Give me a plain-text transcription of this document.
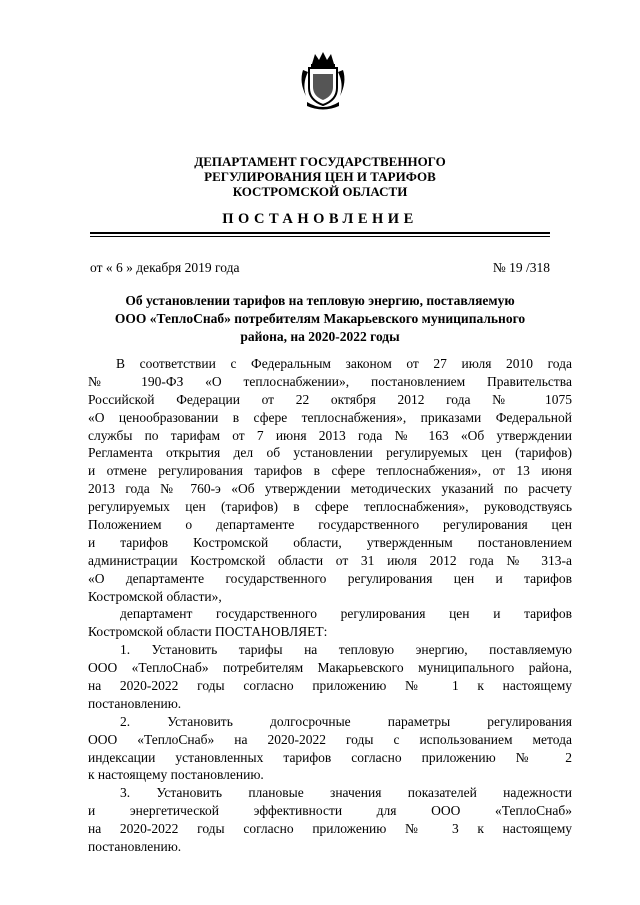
ДЕПАРТАМЕНТ ГОСУДАРСТВЕННОГО
РЕГУЛИРОВАНИЯ ЦЕН И ТАРИФОВ
КОСТРОМСКОЙ ОБЛАСТИ
ПОСТАНОВЛЕНИЕ
от « 6 » декабря 2019 года	№ 19 /318
Об установлении тарифов на тепловую энергию, поставляемую
ООО «ТеплоСнаб» потребителям Макарьевского муниципального
района, на 2020-2022 годы
В соответствии с Федеральным законом от 27 июля 2010 года
№ 190-ФЗ «О теплоснабжении», постановлением Правительства
Российской Федерации от 22 октября 2012 года № 1075
«О ценообразовании в сфере теплоснабжения», приказами Федеральной
службы по тарифам от 7 июня 2013 года № 163 «Об утверждении
Регламента открытия дел об установлении регулируемых цен (тарифов)
и отмене регулирования тарифов в сфере теплоснабжения», от 13 июня
2013 года № 760-э «Об утверждении методических указаний по расчету
регулируемых цен (тарифов) в сфере теплоснабжения», руководствуясь
Положением о департаменте государственного регулирования цен
и тарифов Костромской области, утвержденным постановлением
администрации Костромской области от 31 июля 2012 года № 313-а
«О департаменте государственного регулирования цен и тарифов
Костромской области»,
департамент государственного регулирования цен и тарифов
Костромской области ПОСТАНОВЛЯЕТ:
1. Установить тарифы на тепловую энергию, поставляемую
ООО «ТеплоСнаб» потребителям Макарьевского муниципального района,
на 2020-2022 годы согласно приложению № 1 к настоящему
постановлению.
2. Установить долгосрочные параметры регулирования
ООО «ТеплоСнаб» на 2020-2022 годы с использованием метода
индексации установленных тарифов согласно приложению № 2
к настоящему постановлению.
3. Установить плановые значения показателей надежности
и энергетической эффективности для ООО «ТеплоСнаб»
на 2020-2022 годы согласно приложению № 3 к настоящему
постановлению.
